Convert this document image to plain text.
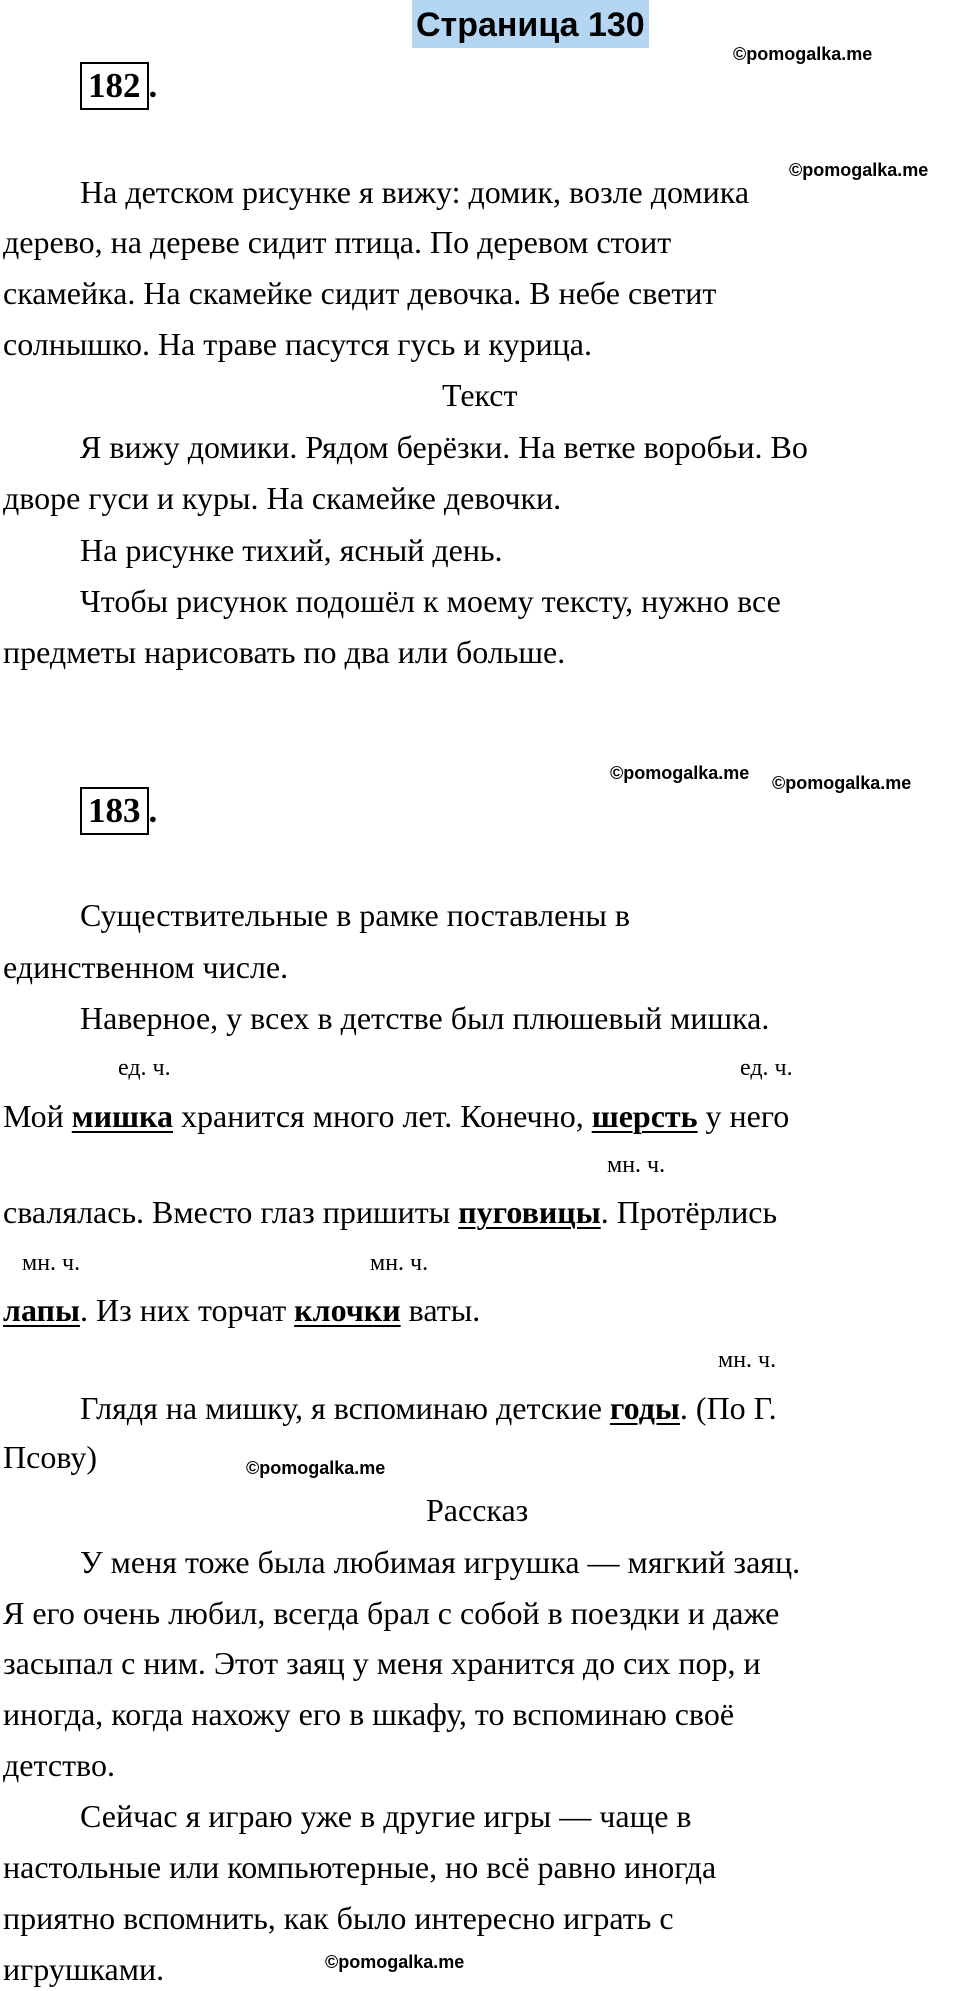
Страница 130
©pomogalka.me
©pomogalka.me
©pomogalka.me ©pomogalka.me
©pomogalka.me
©pomogalka.me
182 .
На детском рисунке я вижу: домик, возле домика
дерево, на дереве сидит птица. По деревом стоит
скамейка. На скамейке сидит девочка. В небе светит
солнышко. На траве пасутся гусь и курица.
Текст
Я вижу домики. Рядом берёзки. На ветке воробьи. Во
дворе гуси и куры. На скамейке девочки.
На рисунке тихий, ясный день.
Чтобы рисунок подошёл к моему тексту, нужно все
предметы нарисовать по два или больше.
183 .
Существительные в рамке поставлены в
единственном числе.
Наверное, у всех в детстве был плюшевый мишка.
ед. ч.	ед. ч.
Мой мишка хранится много лет. Конечно, шерсть у него
мн. ч.
свалялась. Вместо глаз пришиты пуговицы. Протёрлись
мн. ч.	мн. ч.
лапы. Из них торчат клочки ваты.
мн. ч.
Глядя на мишку, я вспоминаю детские годы. (По Г.
Псову)
Рассказ
У меня тоже была любимая игрушка — мягкий заяц.
Я его очень любил, всегда брал с собой в поездки и даже
засыпал с ним. Этот заяц у меня хранится до сих пор, и
иногда, когда нахожу его в шкафу, то вспоминаю своё
детство.
Сейчас я играю уже в другие игры — чаще в
настольные или компьютерные, но всё равно иногда
приятно вспомнить, как было интересно играть с
игрушками.
